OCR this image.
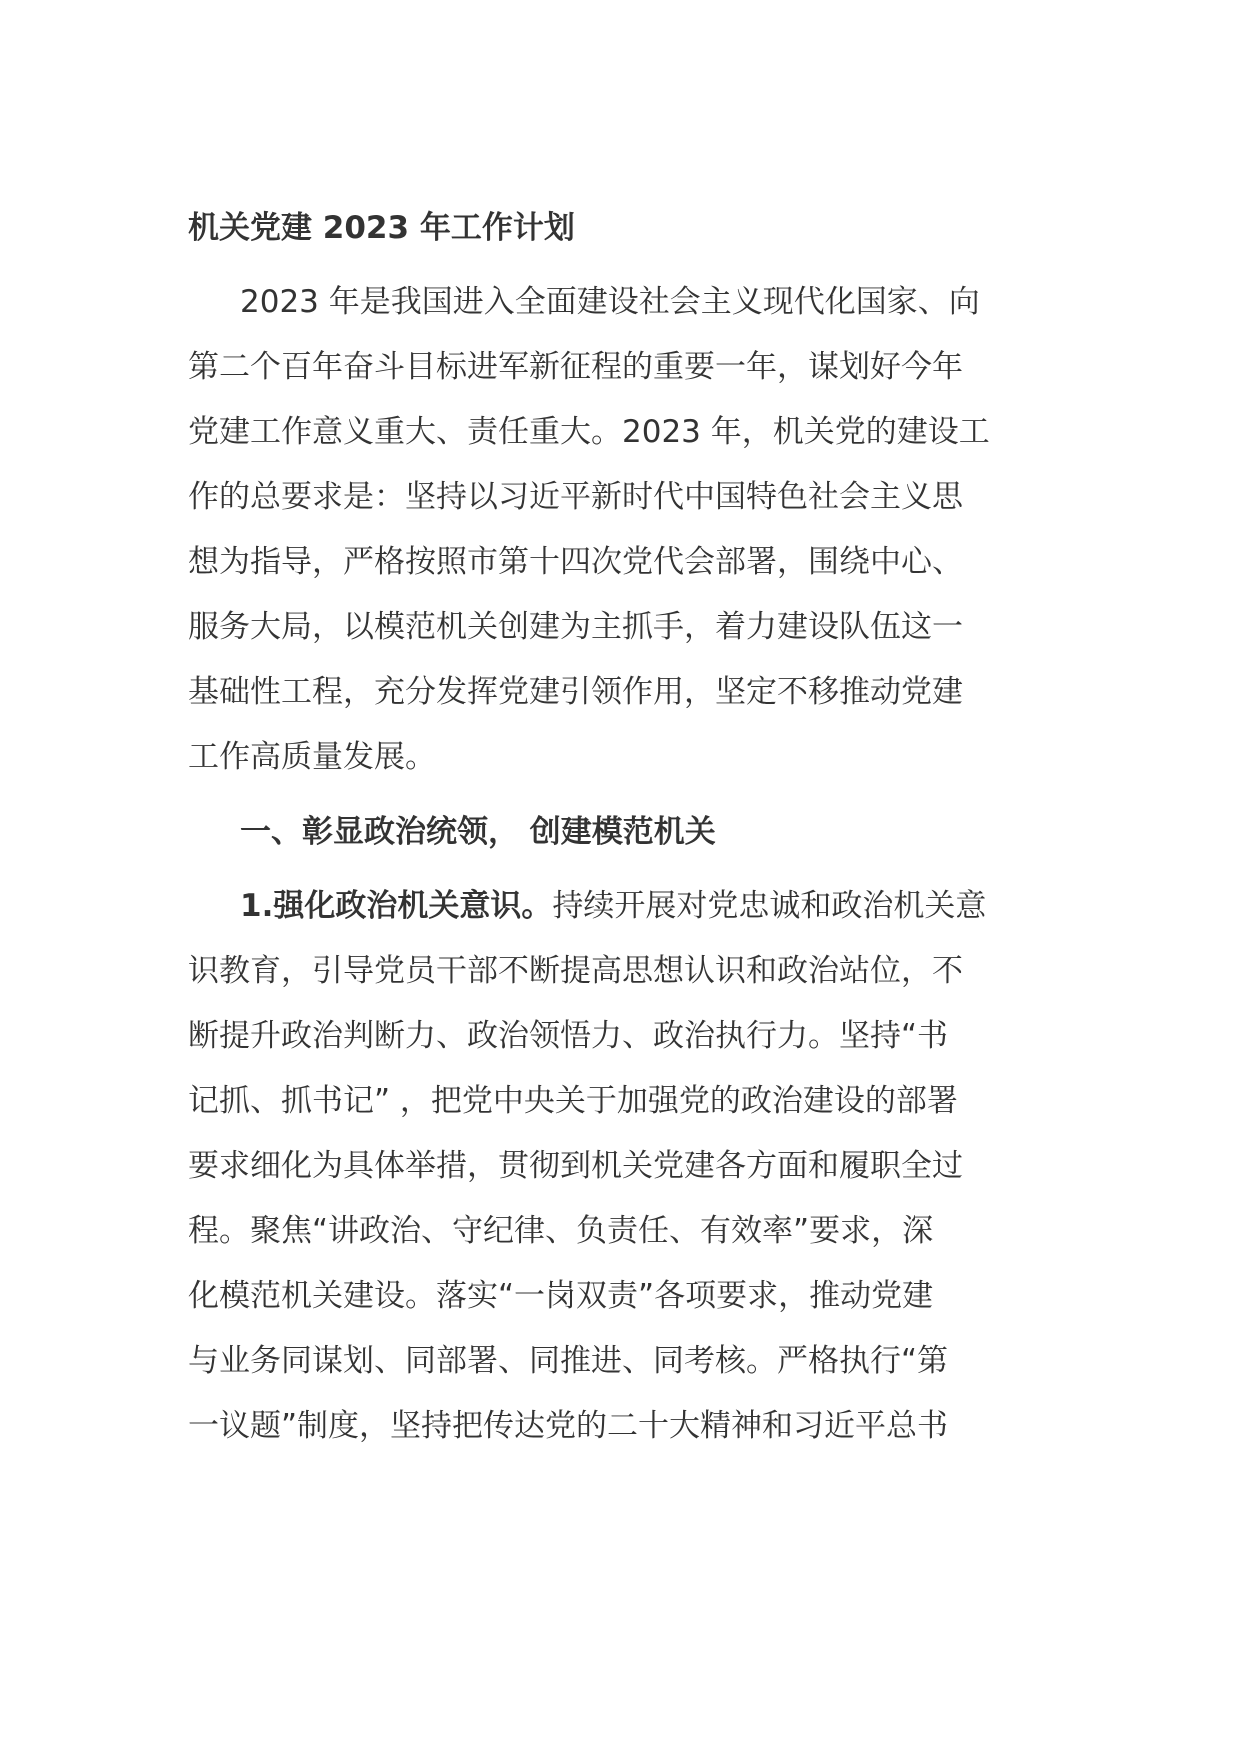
机关党建 2023 年工作计划
2023 年是我国进入全面建设社会主义现代化国家、向
第二个百年奋斗目标进军新征程的重要一年，谋划好今年
党建工作意义重大、责任重大。2023 年，机关党的建设工
作的总要求是：坚持以习近平新时代中国特色社会主义思
想为指导，严格按照市第十四次党代会部署，围绕中心、
服务大局，以模范机关创建为主抓手，着力建设队伍这一
基础性工程，充分发挥党建引领作用，坚定不移推动党建
工作高质量发展。
一、彰显政治统领， 创建模范机关
1.强化政治机关意识。持续开展对党忠诚和政治机关意
识教育，引导党员干部不断提高思想认识和政治站位，不
断提升政治判断力、政治领悟力、政治执行力。坚持“书
记抓、抓书记” ，把党中央关于加强党的政治建设的部署
要求细化为具体举措，贯彻到机关党建各方面和履职全过
程。聚焦“讲政治、守纪律、负责任、有效率”要求，深
化模范机关建设。落实“一岗双责”各项要求，推动党建
与业务同谋划、同部署、同推进、同考核。严格执行“第
一议题”制度，坚持把传达党的二十大精神和习近平总书
